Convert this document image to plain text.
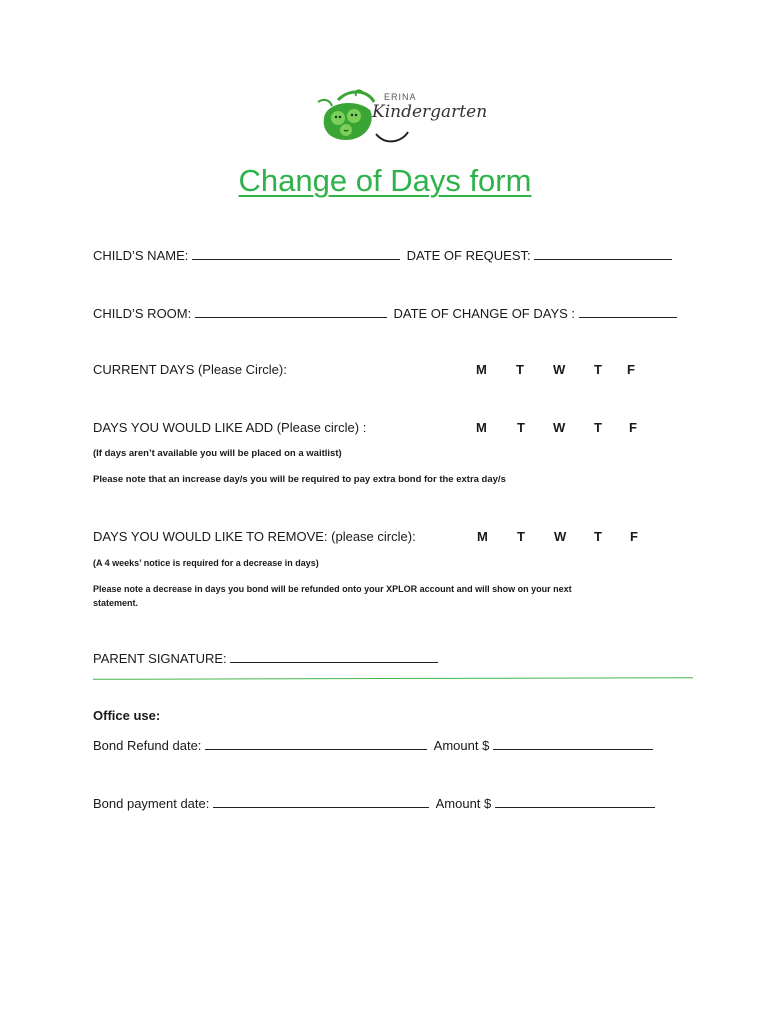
ERINA
Kindergarten
Change of Days form
CHILD’S NAME:	DATE OF REQUEST:
CHILD’S ROOM:	DATE OF CHANGE OF DAYS :
CURRENT DAYS (Please Circle):	M T W T F
DAYS YOU WOULD LIKE ADD (Please circle) :	M T W T F
(If days aren’t available you will be placed on a waitlist)
Please note that an increase day/s you will be required to pay extra bond for the extra day/s
DAYS YOU WOULD LIKE TO REMOVE: (please circle):	M T W T F
(A 4 weeks’ notice is required for a decrease in days)
Please note a decrease in days you bond will be refunded onto your XPLOR account and will show on your next
statement.
PARENT SIGNATURE:
Office use:
Bond Refund date:	Amount $
Bond payment date:	Amount $
